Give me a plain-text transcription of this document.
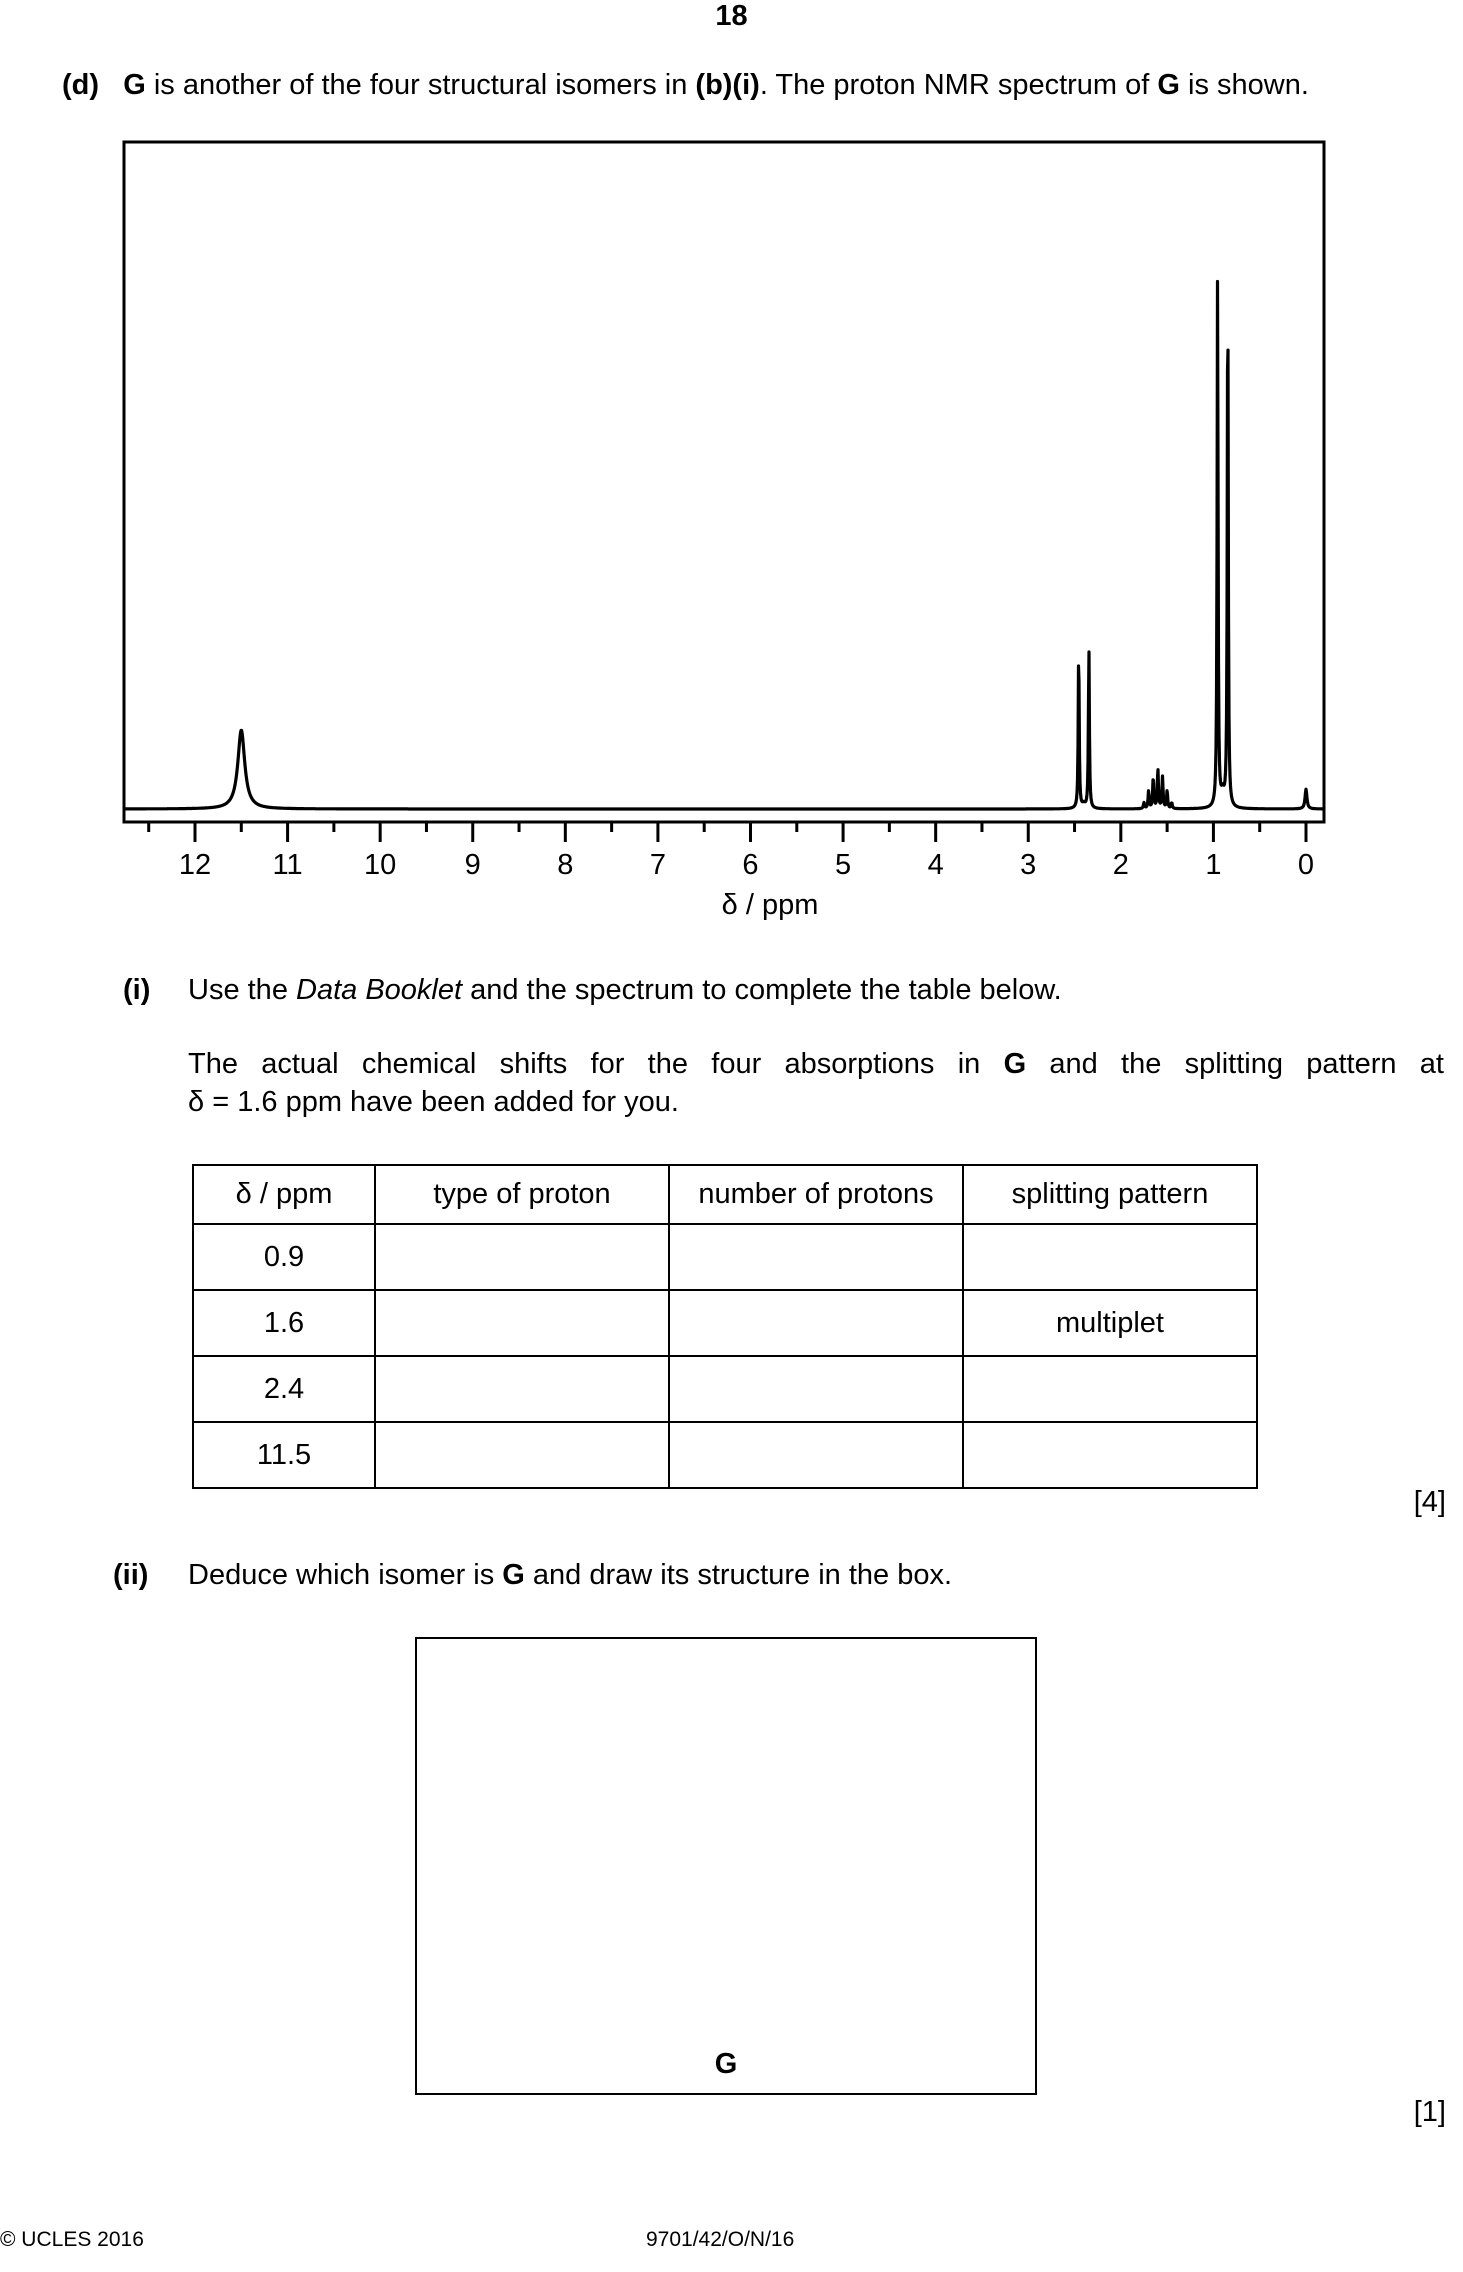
18
(d) G is another of the four structural isomers in (b)(i). The proton NMR spectrum of G is shown.
12 11 10 9	8	7	6	5	4	3	2	1	0
δ / ppm
(i) Use the Data Booklet and the spectrum to complete the table below.
The actual chemical shifts for the four absorptions in G and the splitting pattern at
δ = 1.6 ppm have been added for you.
δ / ppm	type of proton	number of protons	splitting pattern
0.9			
1.6			multiplet
2.4			
11.5			
[4]
(ii) Deduce which isomer is G and draw its structure in the box.
G
[1]
© UCLES 2016	9701/42/O/N/16
